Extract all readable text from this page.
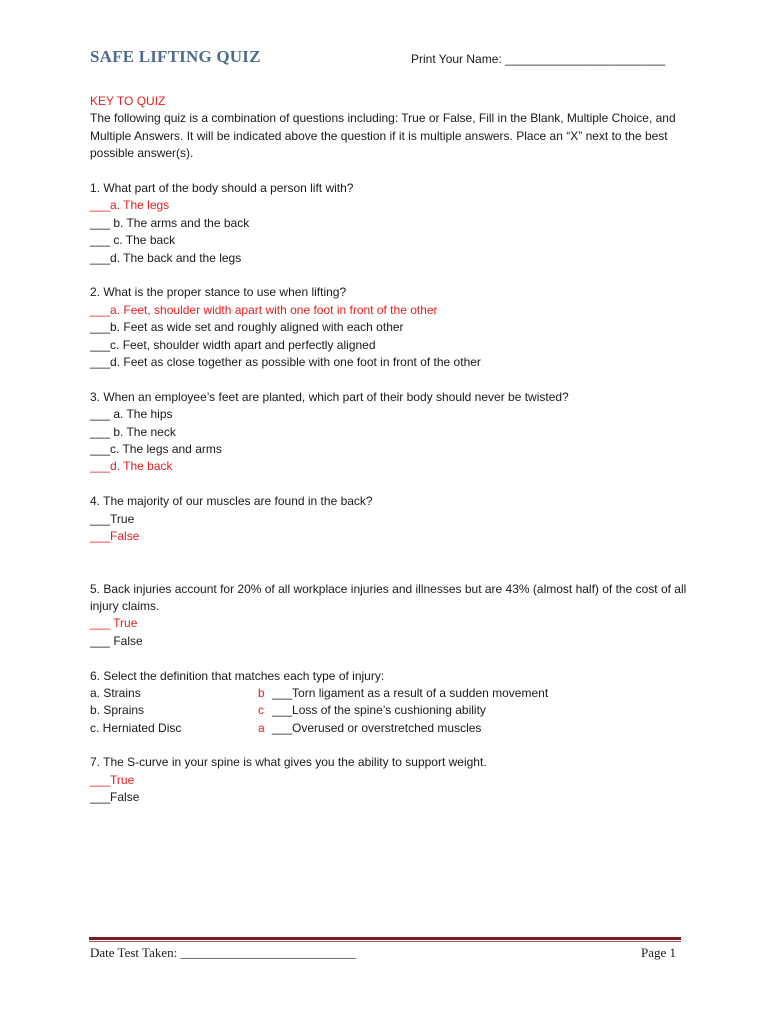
SAFE LIFTING QUIZ	Print Your Name: ________________________
KEY TO QUIZ
The following quiz is a combination of questions including: True or False, Fill in the Blank, Multiple Choice, and Multiple Answers. It will be indicated above the question if it is multiple answers. Place an “X” next to the best possible answer(s).
1. What part of the body should a person lift with?
___a. The legs
___ b. The arms and the back
___ c. The back
___d. The back and the legs
2. What is the proper stance to use when lifting?
___a. Feet, shoulder width apart with one foot in front of the other
___b. Feet as wide set and roughly aligned with each other
___c. Feet, shoulder width apart and perfectly aligned
___d. Feet as close together as possible with one foot in front of the other
3. When an employee’s feet are planted, which part of their body should never be twisted?
___ a. The hips
___ b. The neck
___c. The legs and arms
___d. The back
4. The majority of our muscles are found in the back?
___True
___False
5. Back injuries account for 20% of all workplace injuries and illnesses but are 43% (almost half) of the cost of all injury claims.
___ True
___ False
6. Select the definition that matches each type of injury:
a. Strains	b ___Torn ligament as a result of a sudden movement
b. Sprains	c ___Loss of the spine’s cushioning ability
c. Herniated Disc	a ___Overused or overstretched muscles
7. The S-curve in your spine is what gives you the ability to support weight.
___True
___False
Date Test Taken: ___________________________	Page 1
